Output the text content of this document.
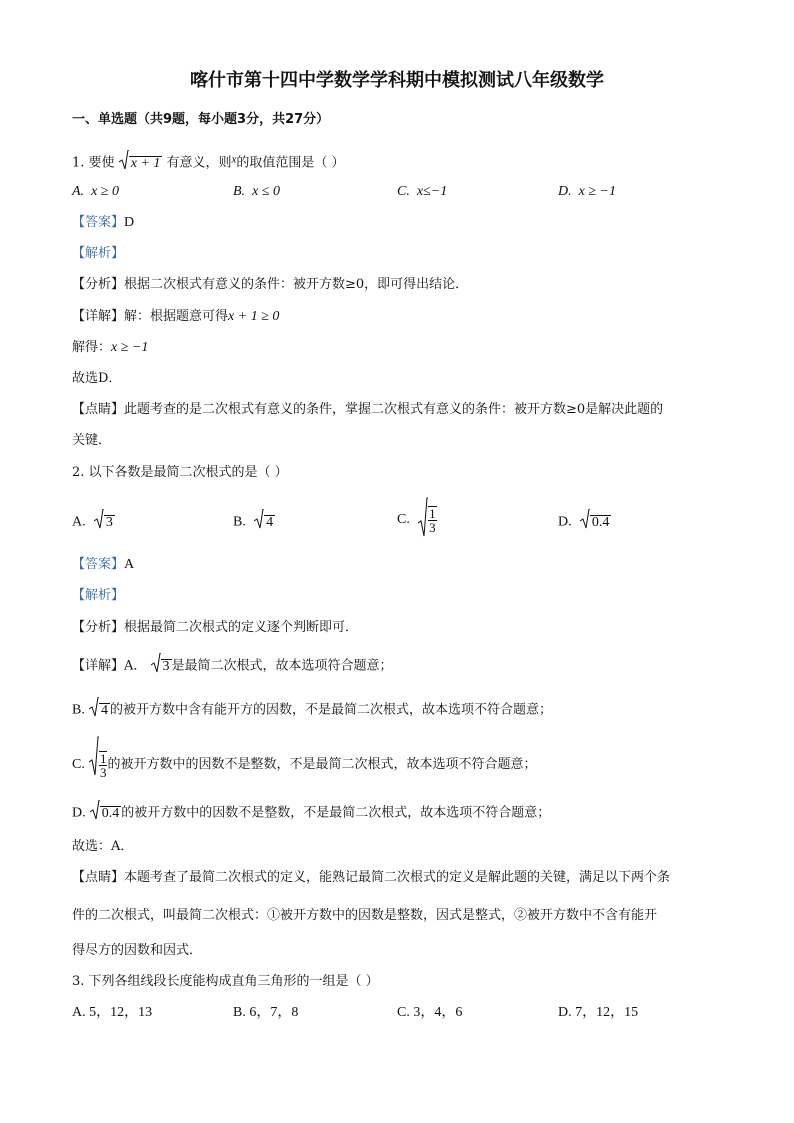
喀什市第十四中学数学学科期中模拟测试八年级数学
一、单选题（共9题，每小题3分，共27分）
1. 要使 x + 1 有意义，则$^x$的取值范围是（ ）
A. x ≥ 0	B. x ≤ 0	C. x≤−1	D. x ≥ −1
【答案】D
【解析】
【分析】根据二次根式有意义的条件：被开方数≥0，即可得出结论．
【详解】解：根据题意可得x + 1 ≥ 0
解得：x ≥ −1
故选D．
【点睛】此题考查的是二次根式有意义的条件，掌握二次根式有意义的条件：被开方数≥0是解决此题的
关键．
2. 以下各数是最简二次根式的是（ ）
A. 3	B. 4	C. $\frac{1}{3}$	D. 0.4
【答案】A
【解析】
【分析】根据最简二次根式的定义逐个判断即可．
【详解】A． 3 是最简二次根式，故本选项符合题意；
B. 4 的被开方数中含有能开方的因数，不是最简二次根式，故本选项不符合题意；
C. $\frac{1}{3}$ 的被开方数中的因数不是整数，不是最简二次根式，故本选项不符合题意；
D. 0.4 的被开方数中的因数不是整数，不是最简二次根式，故本选项不符合题意；
故选：A．
【点睛】本题考查了最简二次根式的定义，能熟记最简二次根式的定义是解此题的关键，满足以下两个条
件的二次根式，叫最简二次根式：①被开方数中的因数是整数，因式是整式，②被开方数中不含有能开
得尽方的因数和因式．
3. 下列各组线段长度能构成直角三角形的一组是（ ）
A. 5，12，13	B. 6，7，8	C. 3，4，6	D. 7，12，15
